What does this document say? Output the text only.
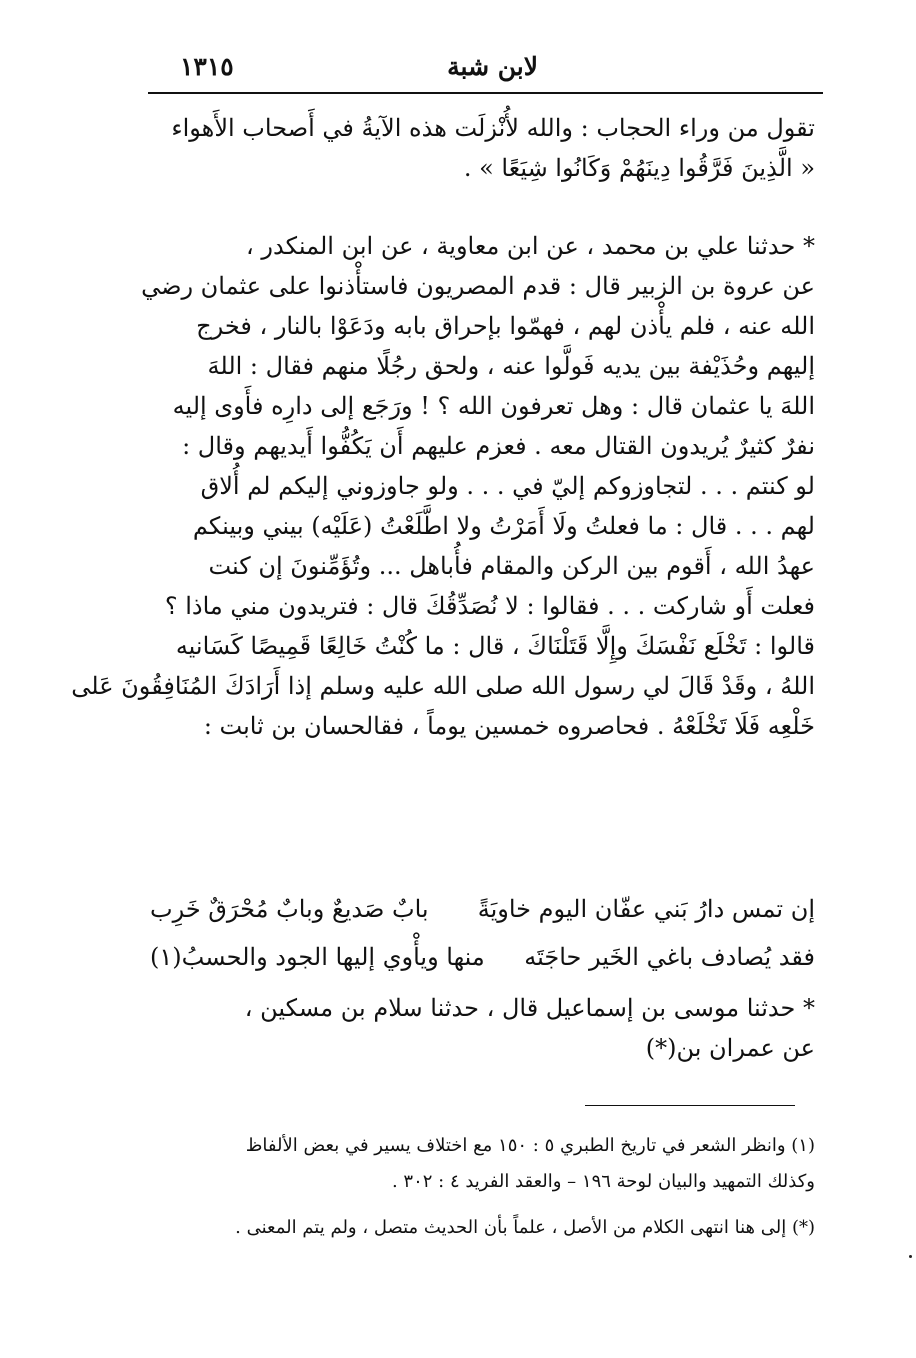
لابن شبة
١٣١٥
تقول من وراء الحجاب : والله لأُنْزلَت هذه الآيةُ في أَصحاب الأَهواء
« الَّذِينَ فَرَّقُوا دِينَهُمْ وَكَانُوا شِيَعًا » .
* حدثنا علي بن محمد ، عن ابن معاوية ، عن ابن المنكدر ،
عن عروة بن الزبير قال : قدم المصريون فاستأْذنوا على عثمان رضي
الله عنه ، فلم يأْذن لهم ، فهمّوا بإحراق بابه ودَعَوْا بالنار ، فخرج
إليهم وحُذَيْفة بين يديه فَولَّوا عنه ، ولحق رجُلًا منهم فقال : اللهَ
اللهَ يا عثمان قال : وهل تعرفون الله ؟ ! ورَجَع إلى دارِه فأَوى إليه
نفرٌ كثيرٌ يُريدون القتال معه . فعزم عليهم أَن يَكُفُّوا أَيديهم وقال :
لو كنتم . . . لتجاوزوكم إليّ في . . . ولو جاوزوني إليكم لم أُلاق
لهم . . . قال : ما فعلتُ ولَا أَمَرْتُ ولا اطَّلَعْتُ (عَلَيْه) بيني وبينكم
عهدُ الله ، أَقوم بين الركن والمقام فأُباهل ... وتُؤَمِّنونَ إن كنت
فعلت أَو شاركت . . . فقالوا : لا نُصَدِّقُكَ قال : فتريدون مني ماذا ؟
قالوا : تَخْلَع نَفْسَكَ وإِلَّا قَتَلْنَاكَ ، قال : ما كُنْتُ خَالِعًا قَمِيصًا كَسَانيه
اللهُ ، وقَدْ قَالَ لي رسول الله صلى الله عليه وسلم إذا أَرَادَكَ المُنَافِقُونَ عَلى
خَلْعِه فَلَا تَخْلَعْهُ . فحاصروه خمسين يوماً ، فقالحسان بن ثابت :
إن تمس دارُ بَني عفّان اليوم خاويَةً
بابٌ صَديعٌ وبابٌ مُحْرَقٌ خَرِب
فقد يُصادف باغي الخَير حاجَتَه
منها ويأْوي إليها الجود والحسبُ(١)
* حدثنا موسى بن إسماعيل قال ، حدثنا سلام بن مسكين ،
عن عمران بن(*)
(١) وانظر الشعر في تاريخ الطبري ٥ : ١٥٠ مع اختلاف يسير في بعض الألفاظ
وكذلك التمهيد والبيان لوحة ١٩٦ – والعقد الفريد ٤ : ٣٠٢ .
(*) إلى هنا انتهى الكلام من الأصل ، علماً بأن الحديث متصل ، ولم يتم المعنى .
